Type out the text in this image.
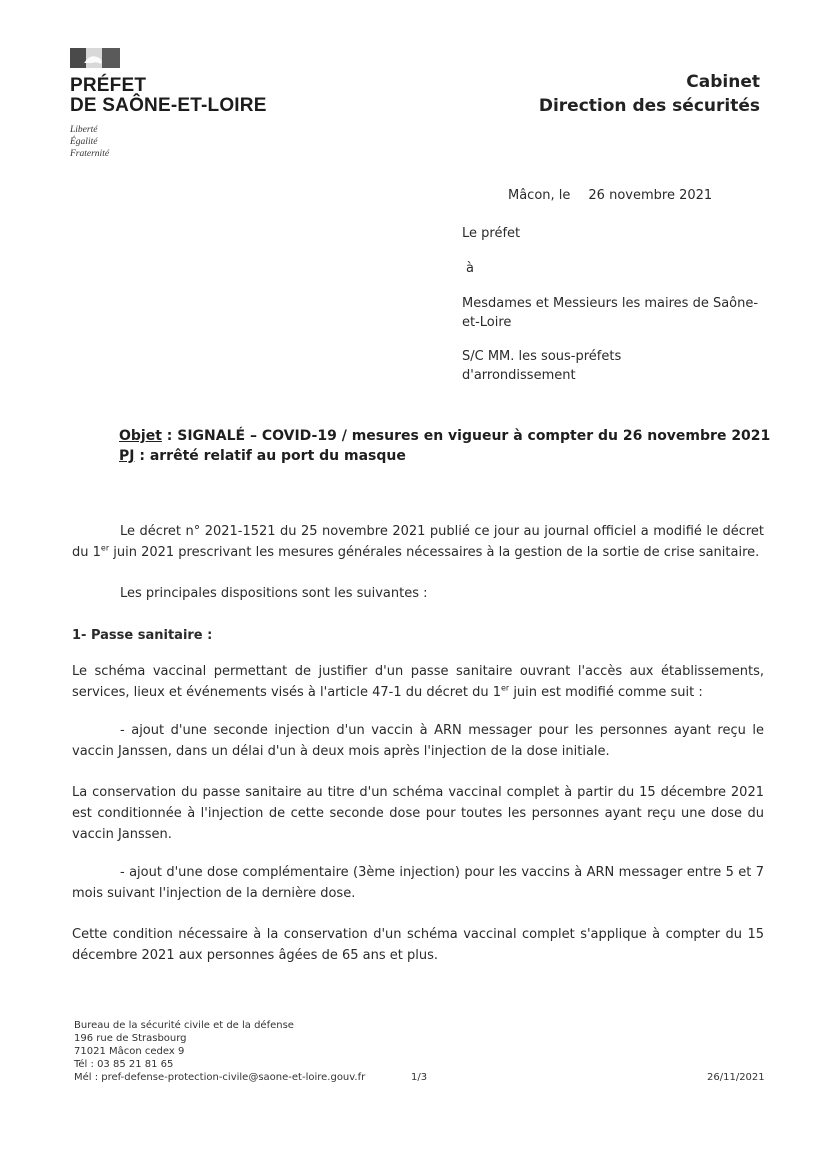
PRÉFET
DE SAÔNE-ET-LOIRE
Liberté
Égalité
Fraternité
Cabinet
Direction des sécurités
Mâcon, le 26 novembre 2021
Le préfet
à
Mesdames et Messieurs les maires de Saône-
et-Loire
S/C MM. les sous-préfets
d'arrondissement
Objet : SIGNALÉ – COVID-19 / mesures en vigueur à compter du 26 novembre 2021
PJ : arrêté relatif au port du masque
Le décret n° 2021-1521 du 25 novembre 2021 publié ce jour au journal officiel a modifié le décret du 1er juin 2021 prescrivant les mesures générales nécessaires à la gestion de la sortie de crise sanitaire.
Les principales dispositions sont les suivantes :
1- Passe sanitaire :
Le schéma vaccinal permettant de justifier d'un passe sanitaire ouvrant l'accès aux établissements, services, lieux et événements visés à l'article 47-1 du décret du 1er juin est modifié comme suit :
- ajout d'une seconde injection d'un vaccin à ARN messager pour les personnes ayant reçu le vaccin Janssen, dans un délai d'un à deux mois après l'injection de la dose initiale.
La conservation du passe sanitaire au titre d'un schéma vaccinal complet à partir du 15 décembre 2021 est conditionnée à l'injection de cette seconde dose pour toutes les personnes ayant reçu une dose du vaccin Janssen.
- ajout d'une dose complémentaire (3ème injection) pour les vaccins à ARN messager entre 5 et 7 mois suivant l'injection de la dernière dose.
Cette condition nécessaire à la conservation d'un schéma vaccinal complet s'applique à compter du 15 décembre 2021 aux personnes âgées de 65 ans et plus.
Bureau de la sécurité civile et de la défense
196 rue de Strasbourg
71021 Mâcon cedex 9
Tél : 03 85 21 81 65
Mél : pref-defense-protection-civile@saone-et-loire.gouv.fr	1/3	26/11/2021
